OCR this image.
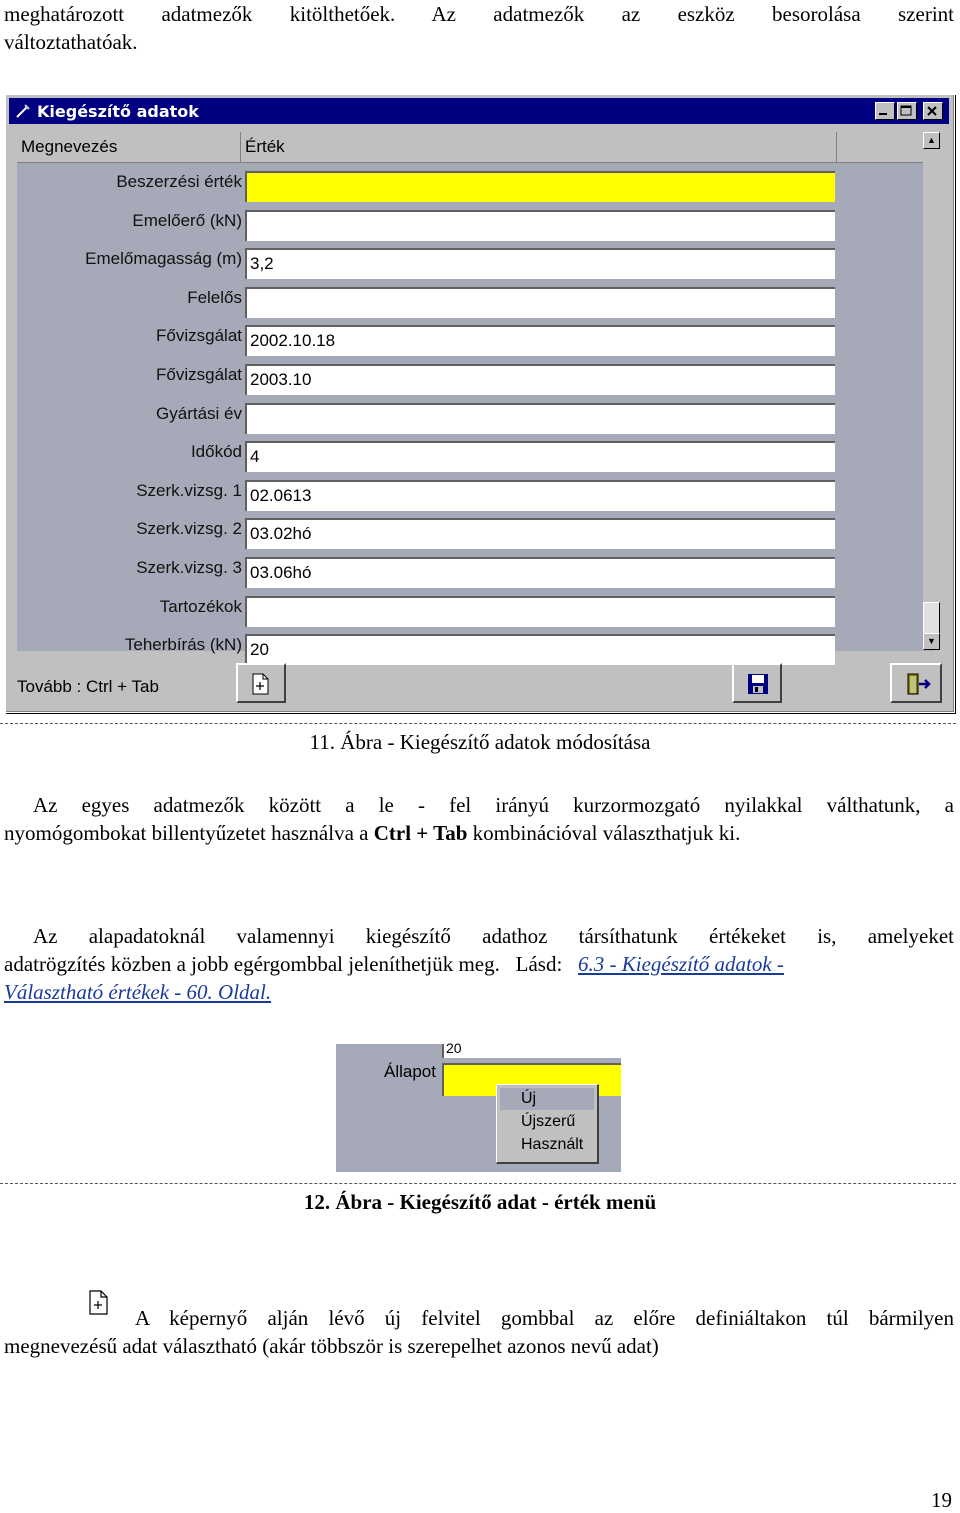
meghatározott adatmezők kitölthetőek. Az adatmezők az eszköz besorolása szerint
változtathatóak.
Kiegészítő adatok
Megnevezés	Érték
Beszerzési érték
Emelőerő (kN)
Emelőmagasság (m) 3,2
Felelős
Fővizsgálat 2002.10.18
Fővizsgálat 2003.10
Gyártási év
Időkód 4
Szerk.vizsg. 1 02.0613
Szerk.vizsg. 2 03.02hó
Szerk.vizsg. 3 03.06hó
Tartozékok
Teherbírás (kN) 20
▲
▼
Tovább : Ctrl + Tab
11. Ábra - Kiegészítő adatok módosítása
Az egyes adatmezők között a le - fel irányú kurzormozgató nyilakkal válthatunk, a
nyomógombokat billentyűzetet használva a Ctrl + Tab kombinációval választhatjuk ki.
Az alapadatoknál valamennyi kiegészítő adathoz társíthatunk értékeket is, amelyeket
adatrögzítés közben a jobb egérgombbal jeleníthetjük meg.   Lásd:   6.3 - Kiegészítő adatok -
Választható értékek - 60. Oldal.
20
Állapot
Új
Újszerű
Használt
12. Ábra - Kiegészítő adat - érték menü
A képernyő alján lévő új felvitel gombbal az előre definiáltakon túl bármilyen
megnevezésű adat választható (akár többször is szerepelhet azonos nevű adat)
19
